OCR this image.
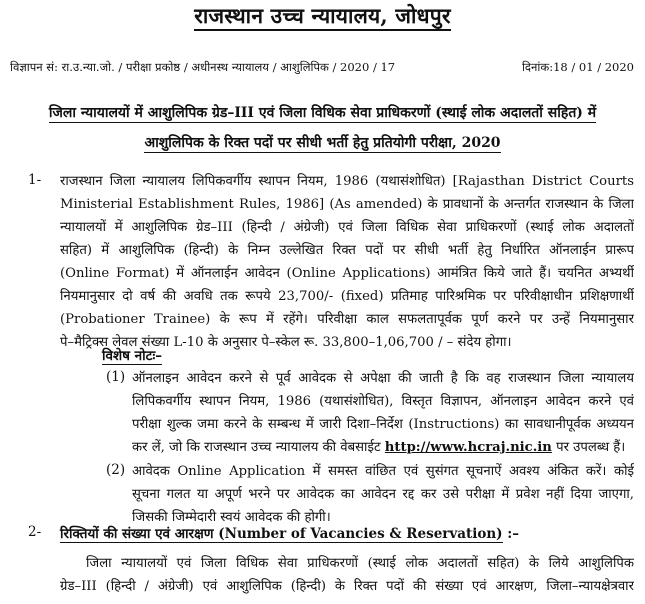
राजस्थान उच्च न्यायालय, जोधपुर
विज्ञापन सं: रा.उ.न्या.जो. / परीक्षा प्रकोष्ठ / अधीनस्थ न्यायालय / आशुलिपिक / 2020 / 17	दिनांक:18 / 01 / 2020
जिला न्यायालयों में आशुलिपिक ग्रेड–III एवं जिला विधिक सेवा प्राधिकरणों (स्थाई लोक अदालतों सहित) में
आशुलिपिक के रिक्त पदों पर सीधी भर्ती हेतु प्रतियोगी परीक्षा, 2020
1- राजस्थान जिला न्यायालय लिपिकवर्गीय स्थापन नियम, 1986 (यथासंशोधित) [Rajasthan District Courts
Ministerial Establishment Rules, 1986] (As amended) के प्रावधानों के अन्तर्गत राजस्थान के जिला
न्यायालयों में आशुलिपिक ग्रेड–III (हिन्दी / अंग्रेजी) एवं जिला विधिक सेवा प्राधिकरणों (स्थाई लोक अदालतों
सहित) में आशुलिपिक (हिन्दी) के निम्न उल्लेखित रिक्त पदों पर सीधी भर्ती हेतु निर्धारित ऑनलाईन प्रारूप
(Online Format) में ऑनलाईन आवेदन (Online Applications) आमंत्रित किये जाते हैं। चयनित अभ्यर्थी
नियमानुसार दो वर्ष की अवधि तक रूपये 23,700/- (fixed) प्रतिमाह पारिश्रमिक पर परिवीक्षाधीन प्रशिक्षणार्थी
(Probationer Trainee) के रूप में रहेंगे। परिवीक्षा काल सफलतापूर्वक पूर्ण करने पर उन्हें नियमानुसार
पे–मैट्रिक्स लेवल संख्या L-10 के अनुसार पे–स्केल रू. 33,800–1,06,700 / – संदेय होगा।
विशेष नोटः–
(1) ऑनलाइन आवेदन करने से पूर्व आवेदक से अपेक्षा की जाती है कि वह राजस्थान जिला न्यायालय
लिपिकवर्गीय स्थापन नियम, 1986 (यथासंशोधित), विस्तृत विज्ञापन, ऑनलाइन आवेदन करने एवं
परीक्षा शुल्क जमा करने के सम्बन्ध में जारी दिशा–निर्देश (Instructions) का सावधानीपूर्वक अध्ययन
कर लें, जो कि राजस्थान उच्च न्यायालय की वेबसाईट http://www.hcraj.nic.in पर उपलब्ध हैं।
(2) आवेदक Online Application में समस्त वांछित एवं सुसंगत सूचनाऐं अवश्य अंकित करें। कोई
सूचना गलत या अपूर्ण भरने पर आवेदक का आवेदन रद्द कर उसे परीक्षा में प्रवेश नहीं दिया जाएगा,
जिसकी जिम्मेदारी स्वयं आवेदक की होगी।
2- रिक्तियों की संख्या एवं आरक्षण (Number of Vacancies & Reservation) :–
जिला न्यायालयों एवं जिला विधिक सेवा प्राधिकरणों (स्थाई लोक अदालतों सहित) के लिये आशुलिपिक
ग्रेड–III (हिन्दी / अंग्रेजी) एवं आशुलिपिक (हिन्दी) के रिक्त पदों की संख्या एवं आरक्षण, जिला–न्यायक्षेत्रवार
